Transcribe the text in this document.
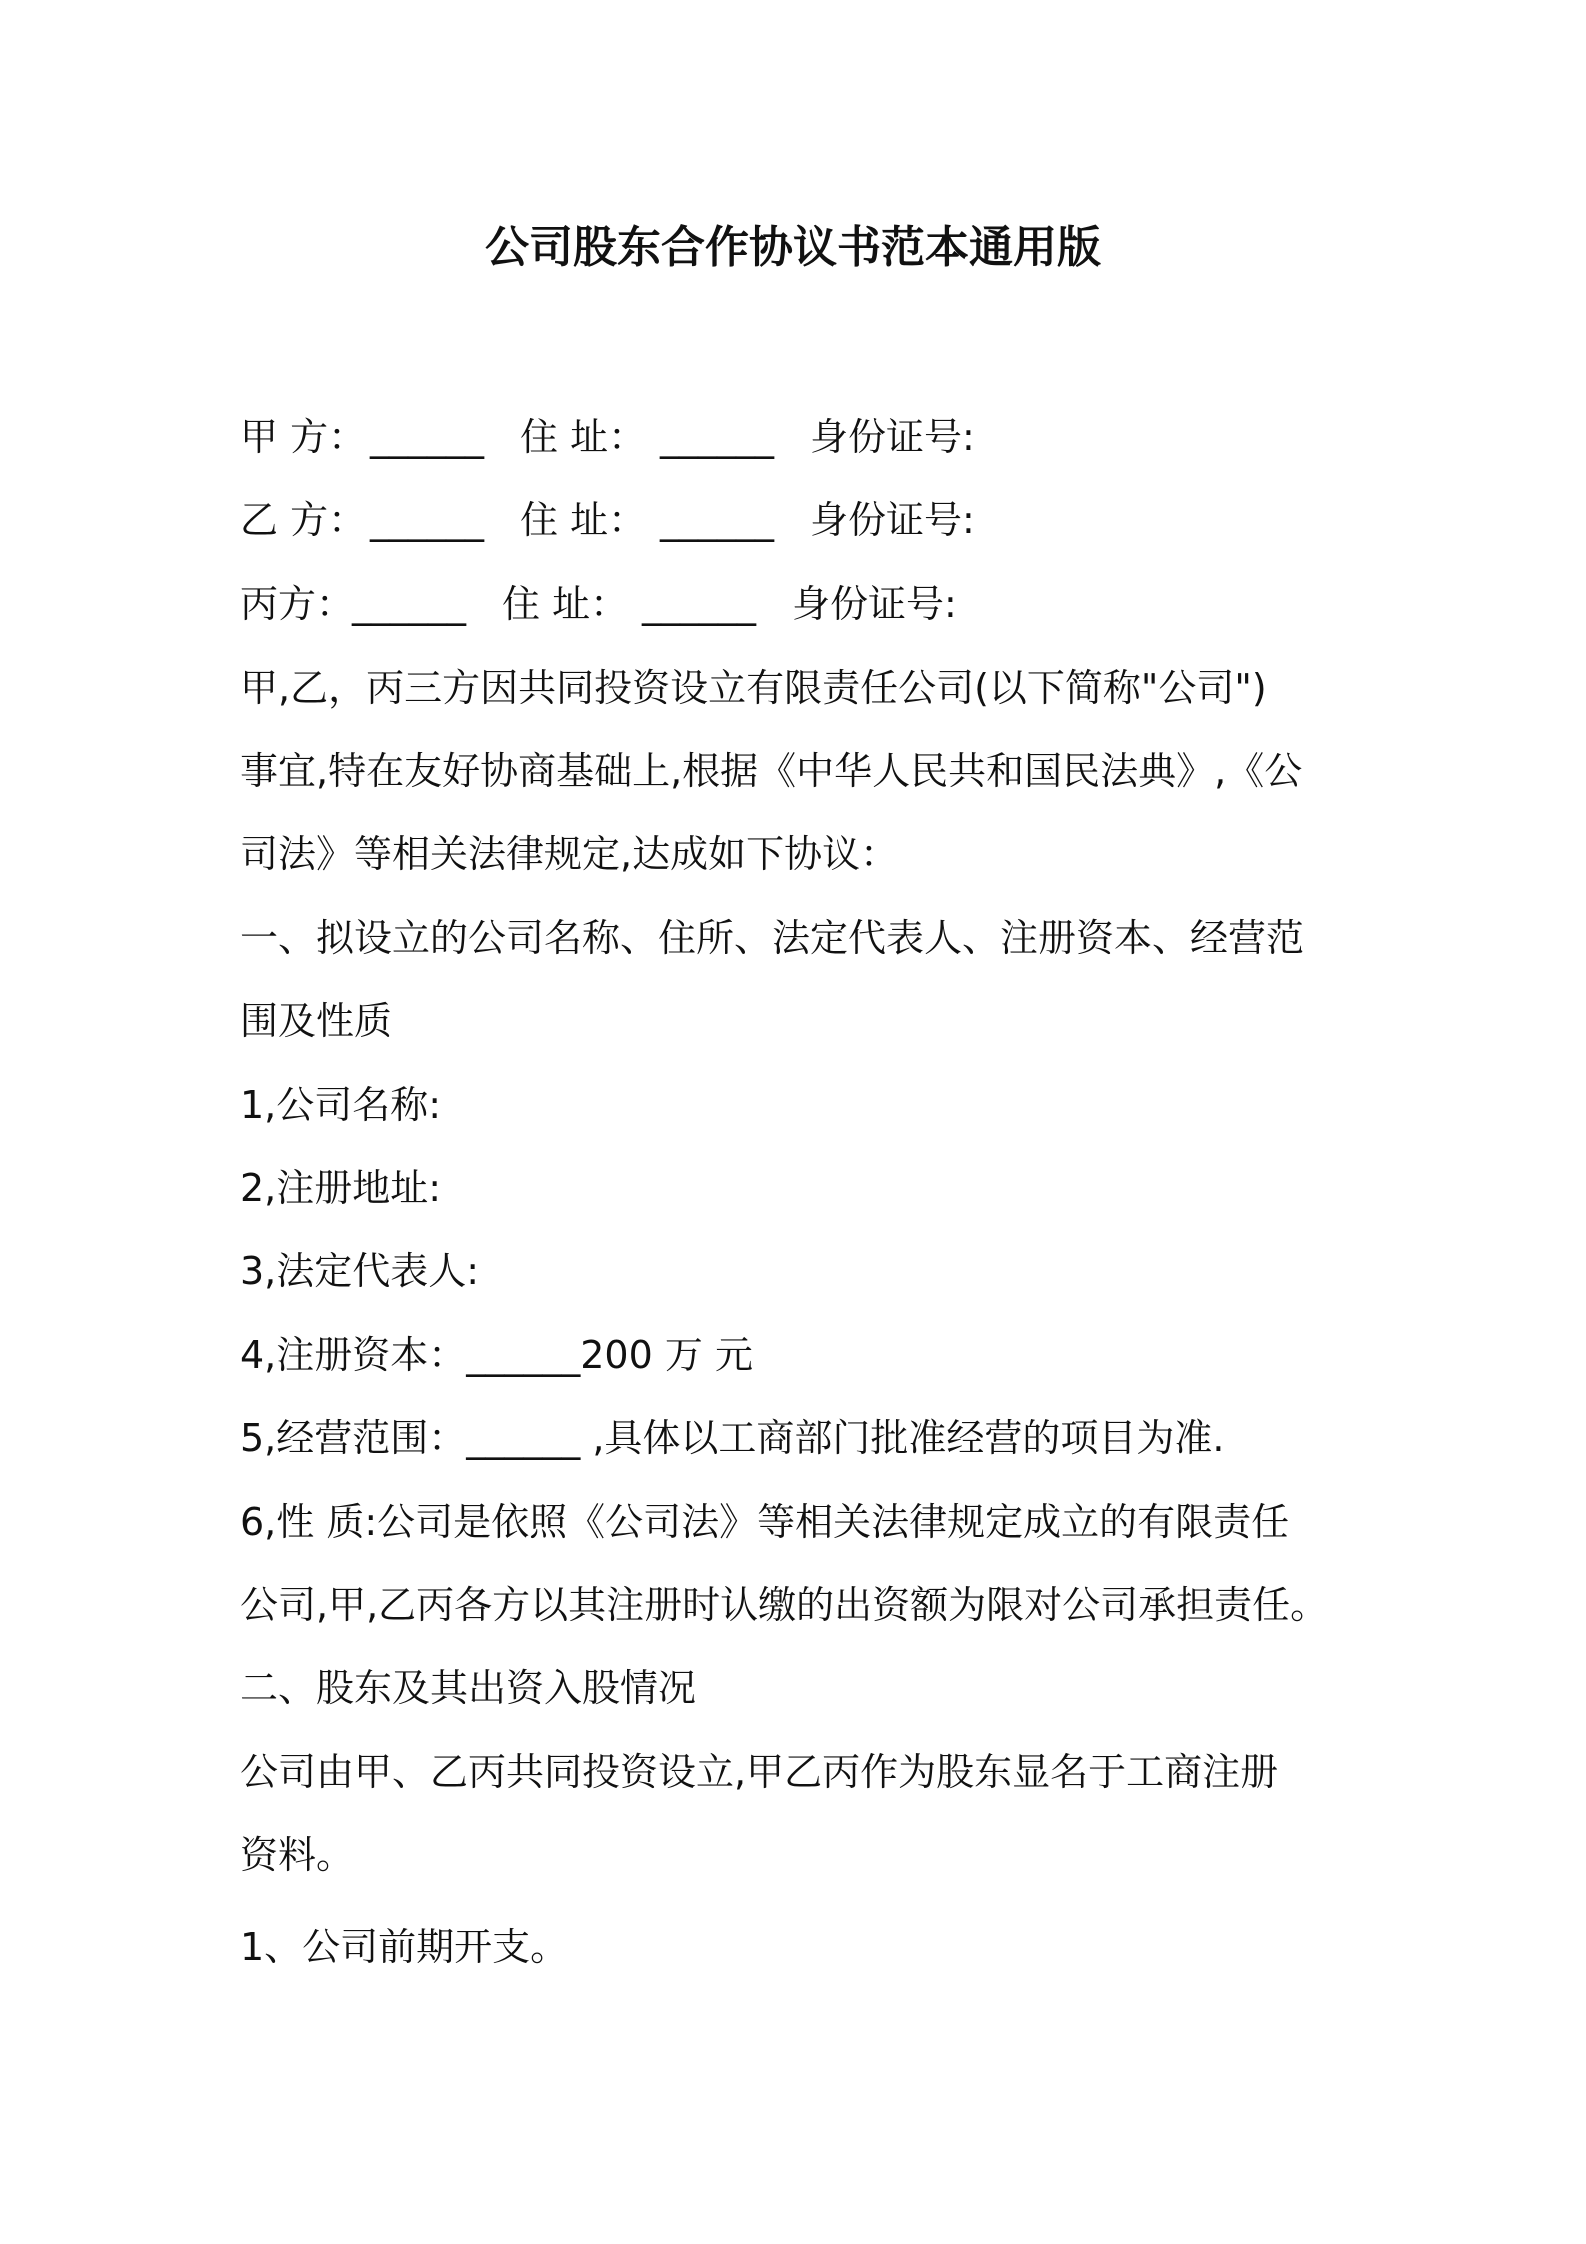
公司股东合作协议书范本通用版
甲 方： ______ 住 址： ______ 身份证号:
乙 方： ______ 住 址： ______ 身份证号:
丙方：______ 住 址： ______ 身份证号:
甲,乙，丙三方因共同投资设立有限责任公司(以下简称"公司")
事宜,特在友好协商基础上,根据《中华人民共和国民法典》,《公
司法》等相关法律规定,达成如下协议：
一、拟设立的公司名称、住所、法定代表人、注册资本、经营范
围及性质
1,公司名称:
2,注册地址:
3,法定代表人:
4,注册资本：______200 万 元
5,经营范围：______ ,具体以工商部门批准经营的项目为准.
6,性 质:公司是依照《公司法》等相关法律规定成立的有限责任
公司,甲,乙丙各方以其注册时认缴的出资额为限对公司承担责任。
二、股东及其出资入股情况
公司由甲、乙丙共同投资设立,甲乙丙作为股东显名于工商注册
资料。
1、公司前期开支。
